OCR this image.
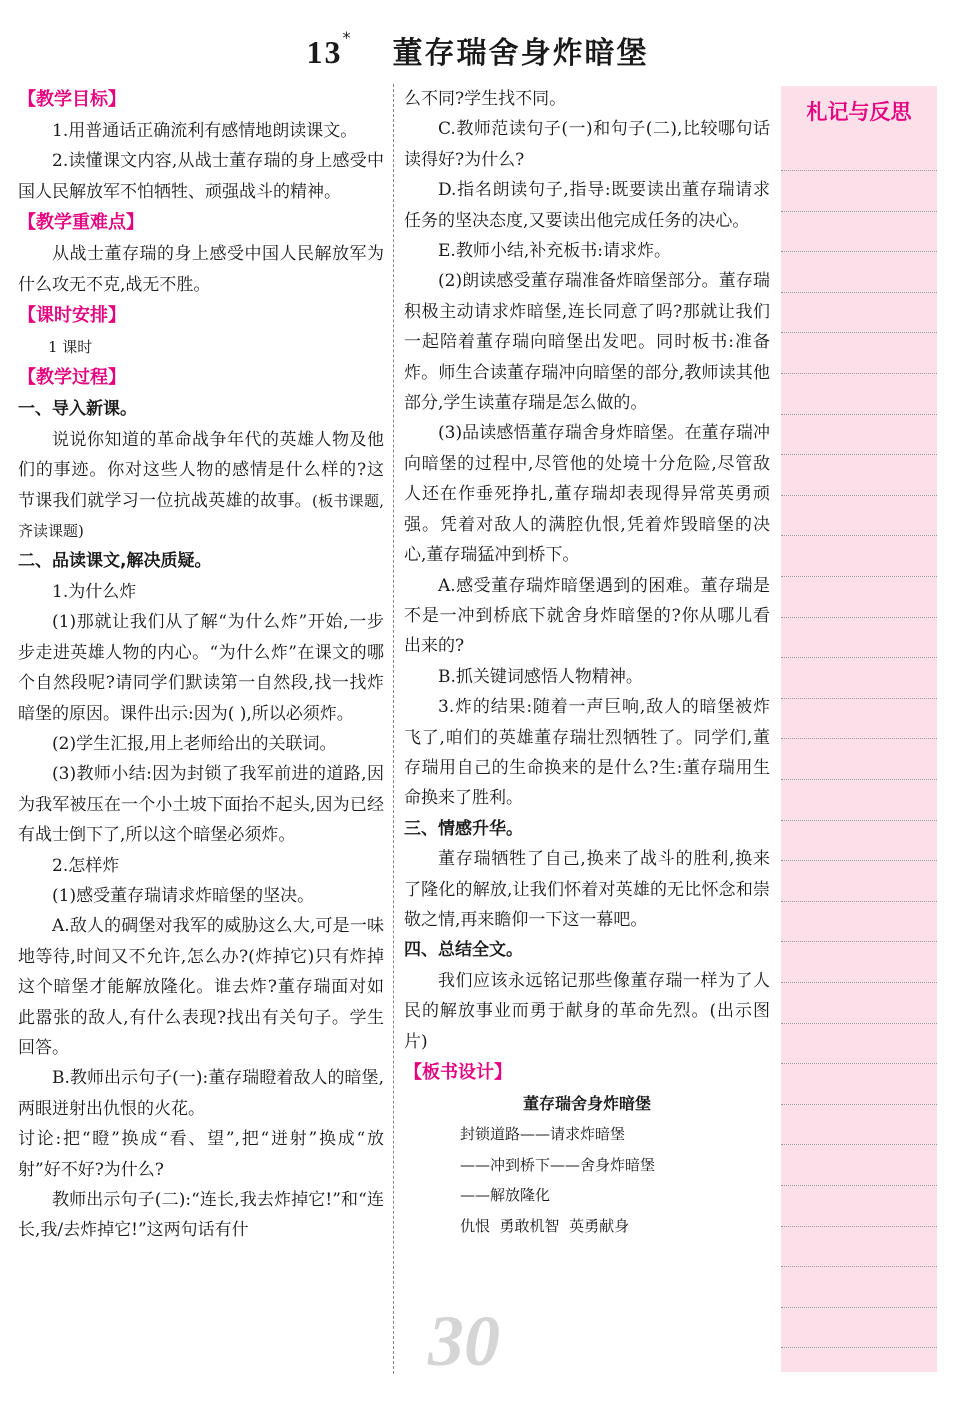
13* 董存瑞舍身炸暗堡
【教学目标】

1.用普通话正确流利有感情地朗读课文。

2.读懂课文内容,从战士董存瑞的身上感受中国人民解放军不怕牺牲、顽强战斗的精神。

【教学重难点】

从战士董存瑞的身上感受中国人民解放军为什么攻无不克,战无不胜。

【课时安排】

1 课时

【教学过程】

一、导入新课。

说说你知道的革命战争年代的英雄人物及他们的事迹。你对这些人物的感情是什么样的?这节课我们就学习一位抗战英雄的故事。(板书课题,齐读课题)

二、品读课文,解决质疑。

1.为什么炸

(1)那就让我们从了解“为什么炸”开始,一步步走进英雄人物的内心。“为什么炸”在课文的哪个自然段呢?请同学们默读第一自然段,找一找炸暗堡的原因。课件出示:因为( ),所以必须炸。

(2)学生汇报,用上老师给出的关联词。

(3)教师小结:因为封锁了我军前进的道路,因为我军被压在一个小土坡下面抬不起头,因为已经有战士倒下了,所以这个暗堡必须炸。

2.怎样炸

(1)感受董存瑞请求炸暗堡的坚决。

A.敌人的碉堡对我军的威胁这么大,可是一味地等待,时间又不允许,怎么办?(炸掉它)只有炸掉这个暗堡才能解放隆化。谁去炸?董存瑞面对如此嚣张的敌人,有什么表现?找出有关句子。学生回答。

B.教师出示句子(一):董存瑞瞪着敌人的暗堡,两眼迸射出仇恨的火花。

讨论:把“瞪”换成“看、望”,把“迸射”换成“放射”好不好?为什么?

教师出示句子(二):“连长,我去炸掉它!”和“连长,我/去炸掉它!”这两句话有什

么不同?学生找不同。

C.教师范读句子(一)和句子(二),比较哪句话读得好?为什么?

D.指名朗读句子,指导:既要读出董存瑞请求任务的坚决态度,又要读出他完成任务的决心。

E.教师小结,补充板书:请求炸。

(2)朗读感受董存瑞准备炸暗堡部分。董存瑞积极主动请求炸暗堡,连长同意了吗?那就让我们一起陪着董存瑞向暗堡出发吧。同时板书:准备炸。师生合读董存瑞冲向暗堡的部分,教师读其他部分,学生读董存瑞是怎么做的。

(3)品读感悟董存瑞舍身炸暗堡。在董存瑞冲向暗堡的过程中,尽管他的处境十分危险,尽管敌人还在作垂死挣扎,董存瑞却表现得异常英勇顽强。凭着对敌人的满腔仇恨,凭着炸毁暗堡的决心,董存瑞猛冲到桥下。

A.感受董存瑞炸暗堡遇到的困难。董存瑞是不是一冲到桥底下就舍身炸暗堡的?你从哪儿看出来的?

B.抓关键词感悟人物精神。

3.炸的结果:随着一声巨响,敌人的暗堡被炸飞了,咱们的英雄董存瑞壮烈牺牲了。同学们,董存瑞用自己的生命换来的是什么?生:董存瑞用生命换来了胜利。

三、情感升华。

董存瑞牺牲了自己,换来了战斗的胜利,换来了隆化的解放,让我们怀着对英雄的无比怀念和崇敬之情,再来瞻仰一下这一幕吧。

四、总结全文。

我们应该永远铭记那些像董存瑞一样为了人民的解放事业而勇于献身的革命先烈。(出示图片)

【板书设计】
董存瑞舍身炸暗堡
封锁道路——请求炸暗堡
——冲到桥下——舍身炸暗堡
——解放隆化
仇恨  勇敢机智  英勇献身
札记与反思
30
